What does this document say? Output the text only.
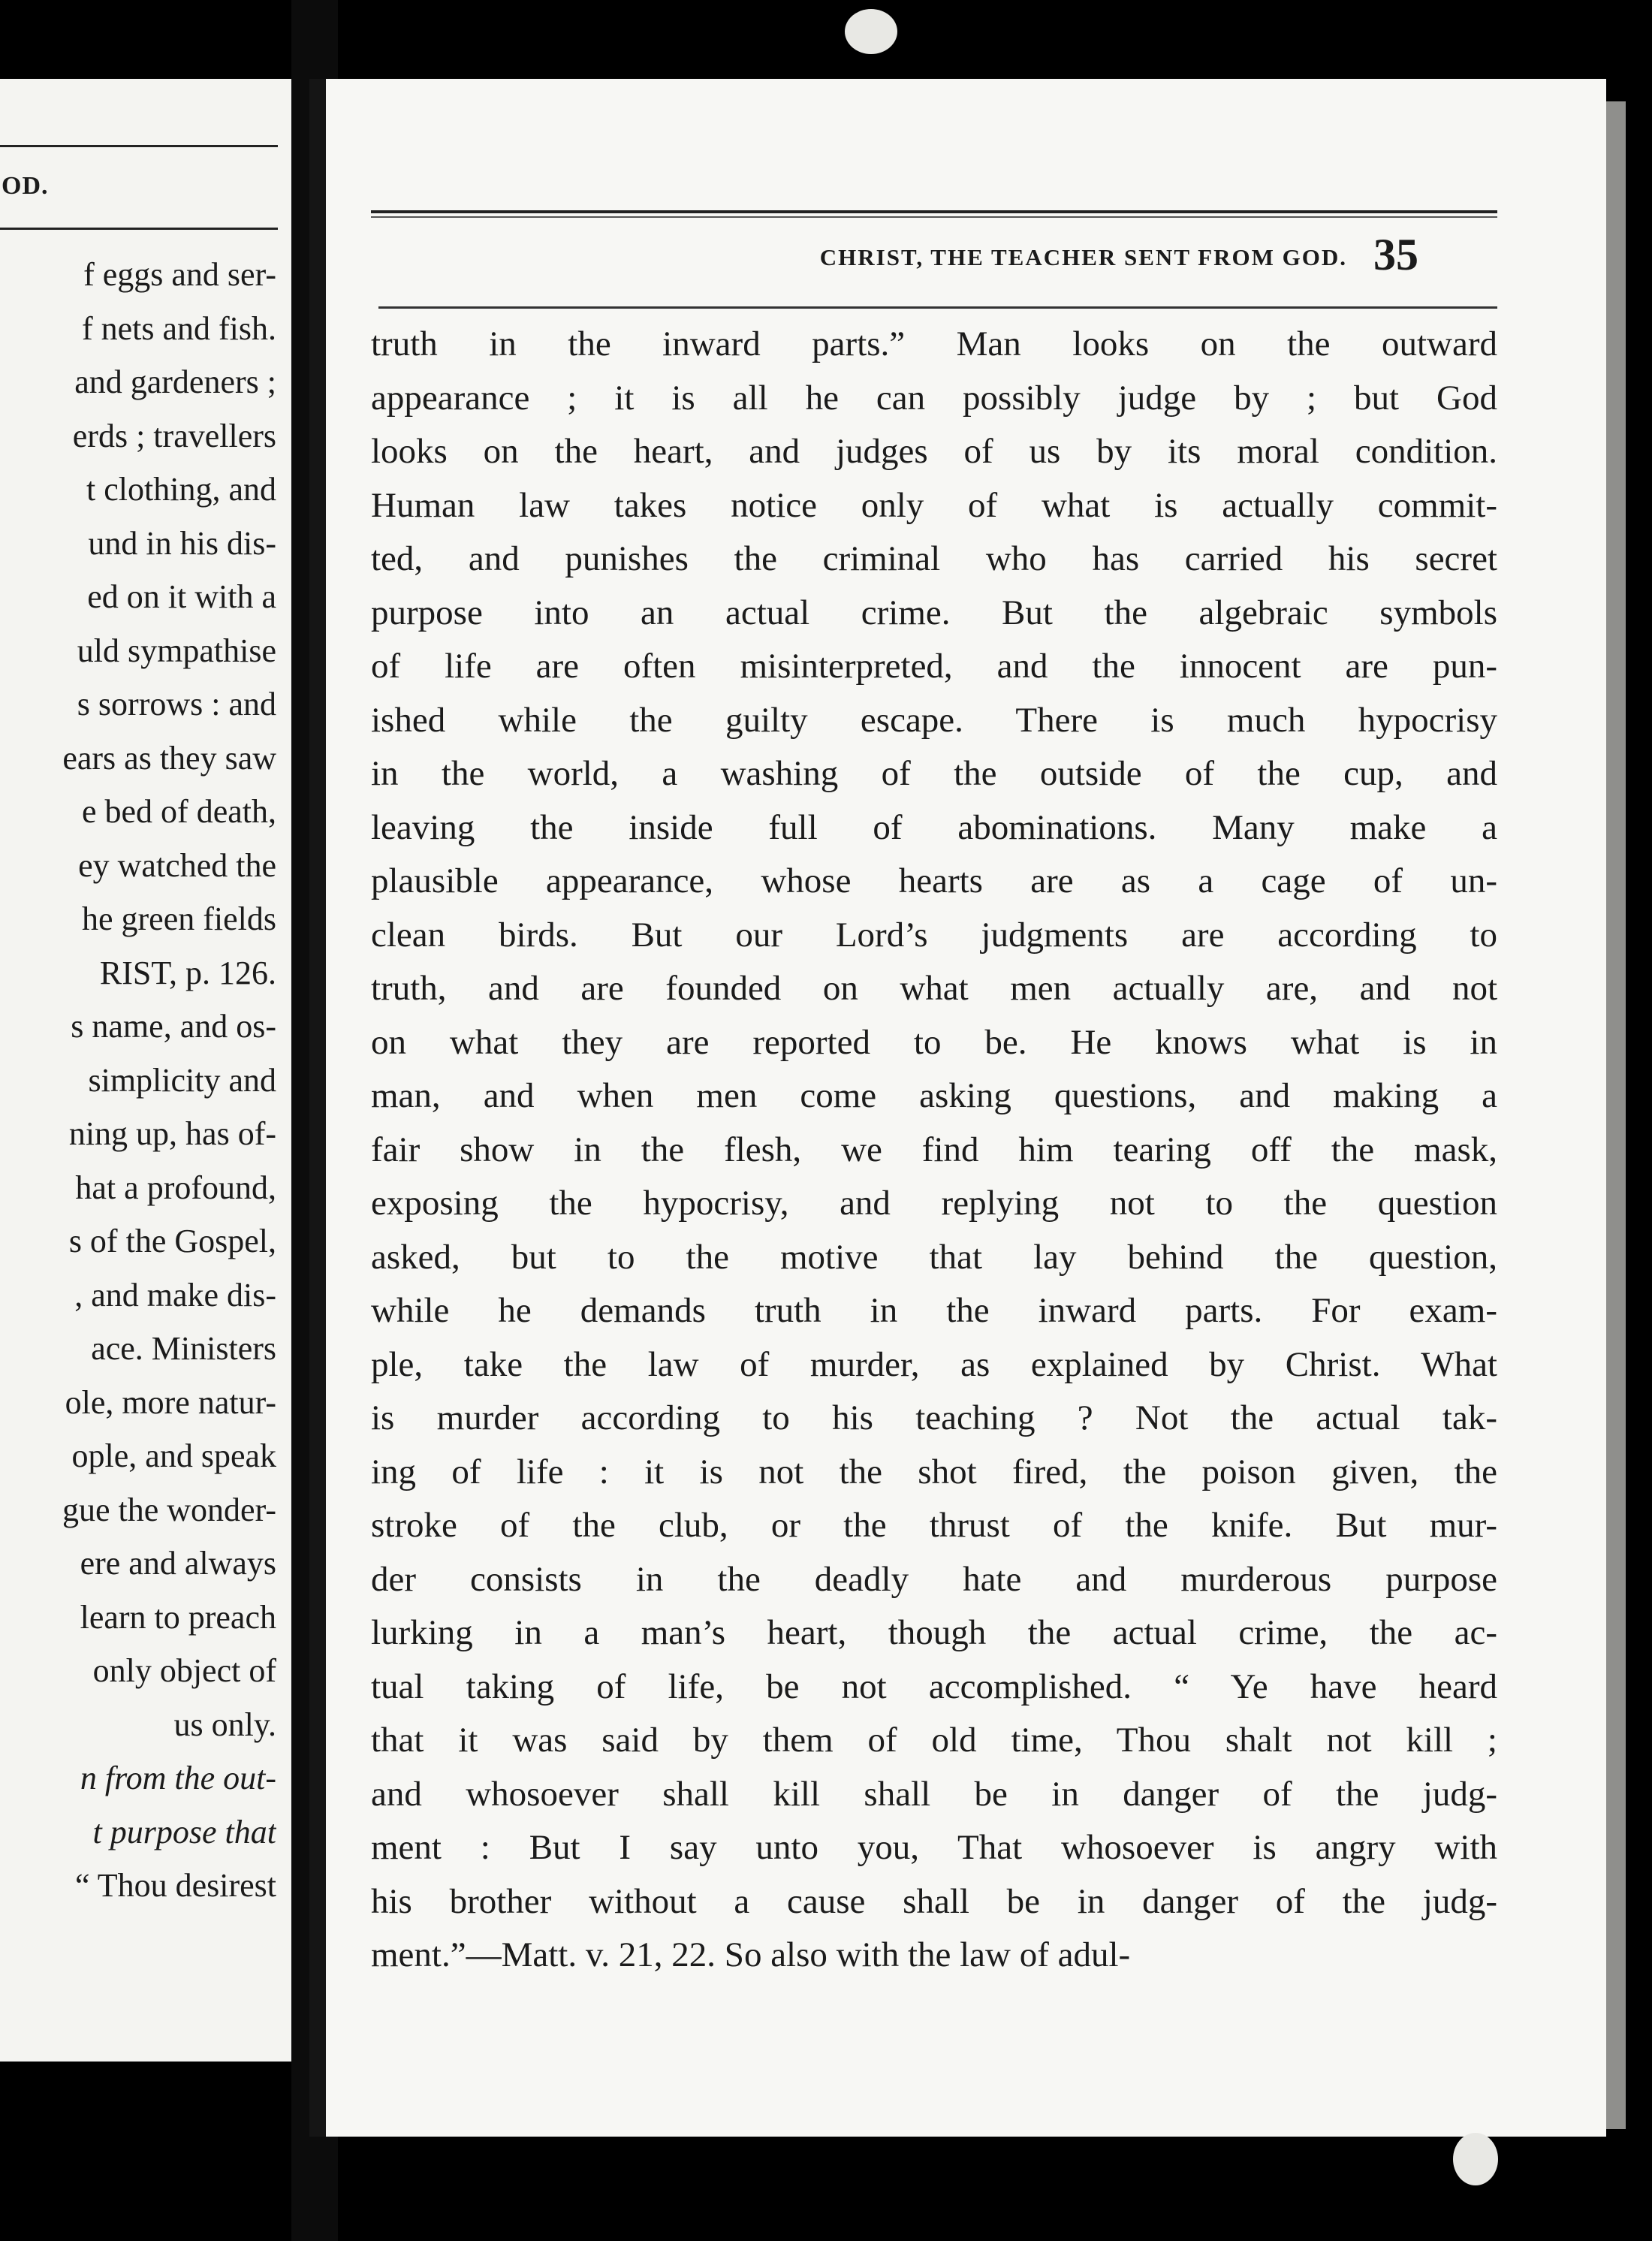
OD.
f eggs and ser-
f nets and fish.
and gardeners ;
erds ; travellers
t clothing, and
und in his dis-
ed on it with a
uld sympathise
s sorrows : and
ears as they saw
e bed of death,
ey watched the
he green fields
RIST, p. 126.
s name, and os-
simplicity and
ning up, has of-
hat a profound,
s of the Gospel,
, and make dis-
ace. Ministers
ole, more natur-
ople, and speak
gue the wonder-
ere and always
learn to preach
only object of
us only.
n from the out-
t purpose that
“ Thou desirest
CHRIST, THE TEACHER SENT FROM GOD. 35
truth in the inward parts.” Man looks on the outward
appearance ; it is all he can possibly judge by ; but God
looks on the heart, and judges of us by its moral condition.
Human law takes notice only of what is actually commit-
ted, and punishes the criminal who has carried his secret
purpose into an actual crime. But the algebraic symbols
of life are often misinterpreted, and the innocent are pun-
ished while the guilty escape. There is much hypocrisy
in the world, a washing of the outside of the cup, and
leaving the inside full of abominations. Many make a
plausible appearance, whose hearts are as a cage of un-
clean birds. But our Lord’s judgments are according to
truth, and are founded on what men actually are, and not
on what they are reported to be. He knows what is in
man, and when men come asking questions, and making a
fair show in the flesh, we find him tearing off the mask,
exposing the hypocrisy, and replying not to the question
asked, but to the motive that lay behind the question,
while he demands truth in the inward parts. For exam-
ple, take the law of murder, as explained by Christ. What
is murder according to his teaching ? Not the actual tak-
ing of life : it is not the shot fired, the poison given, the
stroke of the club, or the thrust of the knife. But mur-
der consists in the deadly hate and murderous purpose
lurking in a man’s heart, though the actual crime, the ac-
tual taking of life, be not accomplished. “ Ye have heard
that it was said by them of old time, Thou shalt not kill ;
and whosoever shall kill shall be in danger of the judg-
ment : But I say unto you, That whosoever is angry with
his brother without a cause shall be in danger of the judg-
ment.”—Matt. v. 21, 22. So also with the law of adul-
